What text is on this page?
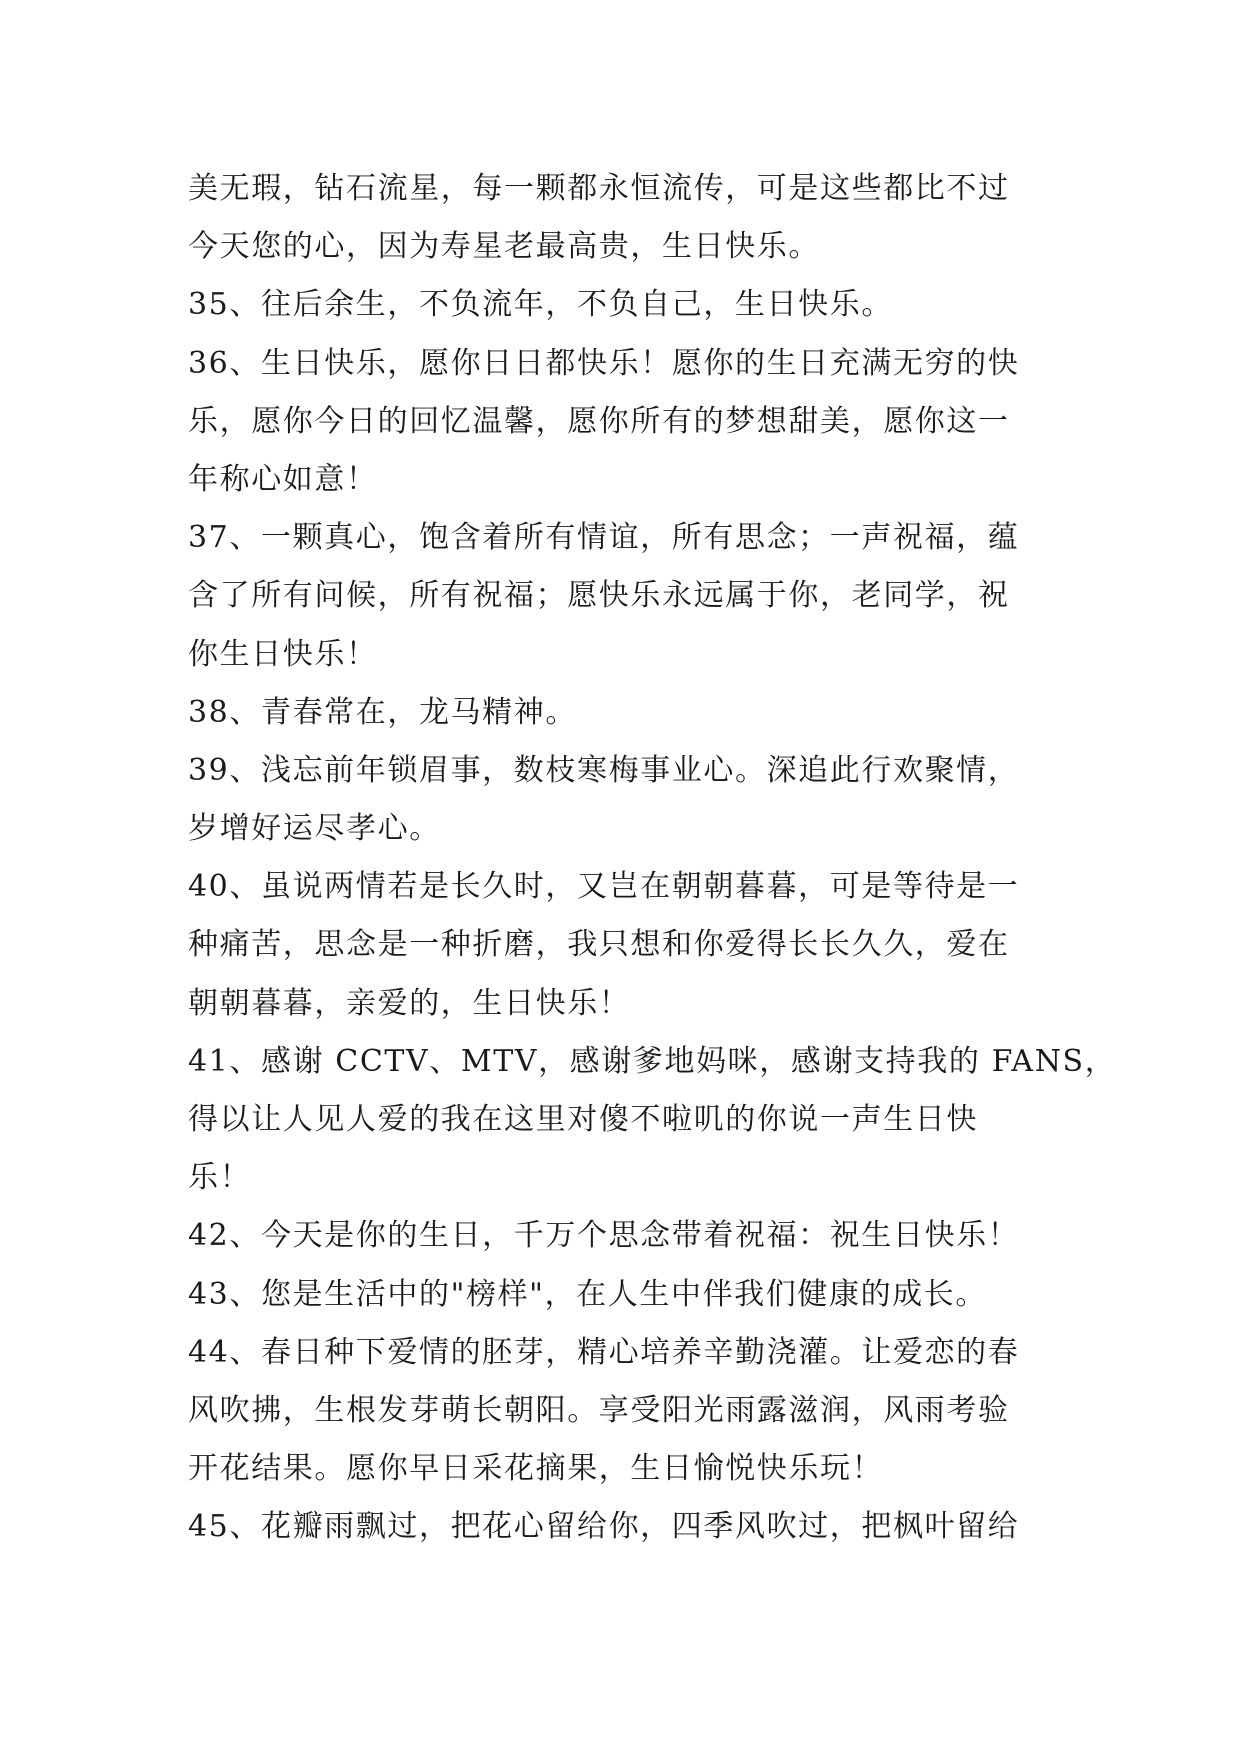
美无瑕，钻石流星，每一颗都永恒流传，可是这些都比不过
今天您的心，因为寿星老最高贵，生日快乐。
35、往后余生，不负流年，不负自己，生日快乐。
36、生日快乐，愿你日日都快乐！愿你的生日充满无穷的快
乐，愿你今日的回忆温馨，愿你所有的梦想甜美，愿你这一
年称心如意！
37、一颗真心，饱含着所有情谊，所有思念；一声祝福，蕴
含了所有问候，所有祝福；愿快乐永远属于你，老同学，祝
你生日快乐！
38、青春常在，龙马精神。
39、浅忘前年锁眉事，数枝寒梅事业心。深追此行欢聚情，
岁增好运尽孝心。
40、虽说两情若是长久时，又岂在朝朝暮暮，可是等待是一
种痛苦，思念是一种折磨，我只想和你爱得长长久久，爱在
朝朝暮暮，亲爱的，生日快乐！
41、感谢 CCTV、MTV，感谢爹地妈咪，感谢支持我的 FANS，
得以让人见人爱的我在这里对傻不啦叽的你说一声生日快
乐！
42、今天是你的生日，千万个思念带着祝福：祝生日快乐！
43、您是生活中的"榜样"，在人生中伴我们健康的成长。
44、春日种下爱情的胚芽，精心培养辛勤浇灌。让爱恋的春
风吹拂，生根发芽萌长朝阳。享受阳光雨露滋润，风雨考验
开花结果。愿你早日采花摘果，生日愉悦快乐玩！
45、花瓣雨飘过，把花心留给你，四季风吹过，把枫叶留给
